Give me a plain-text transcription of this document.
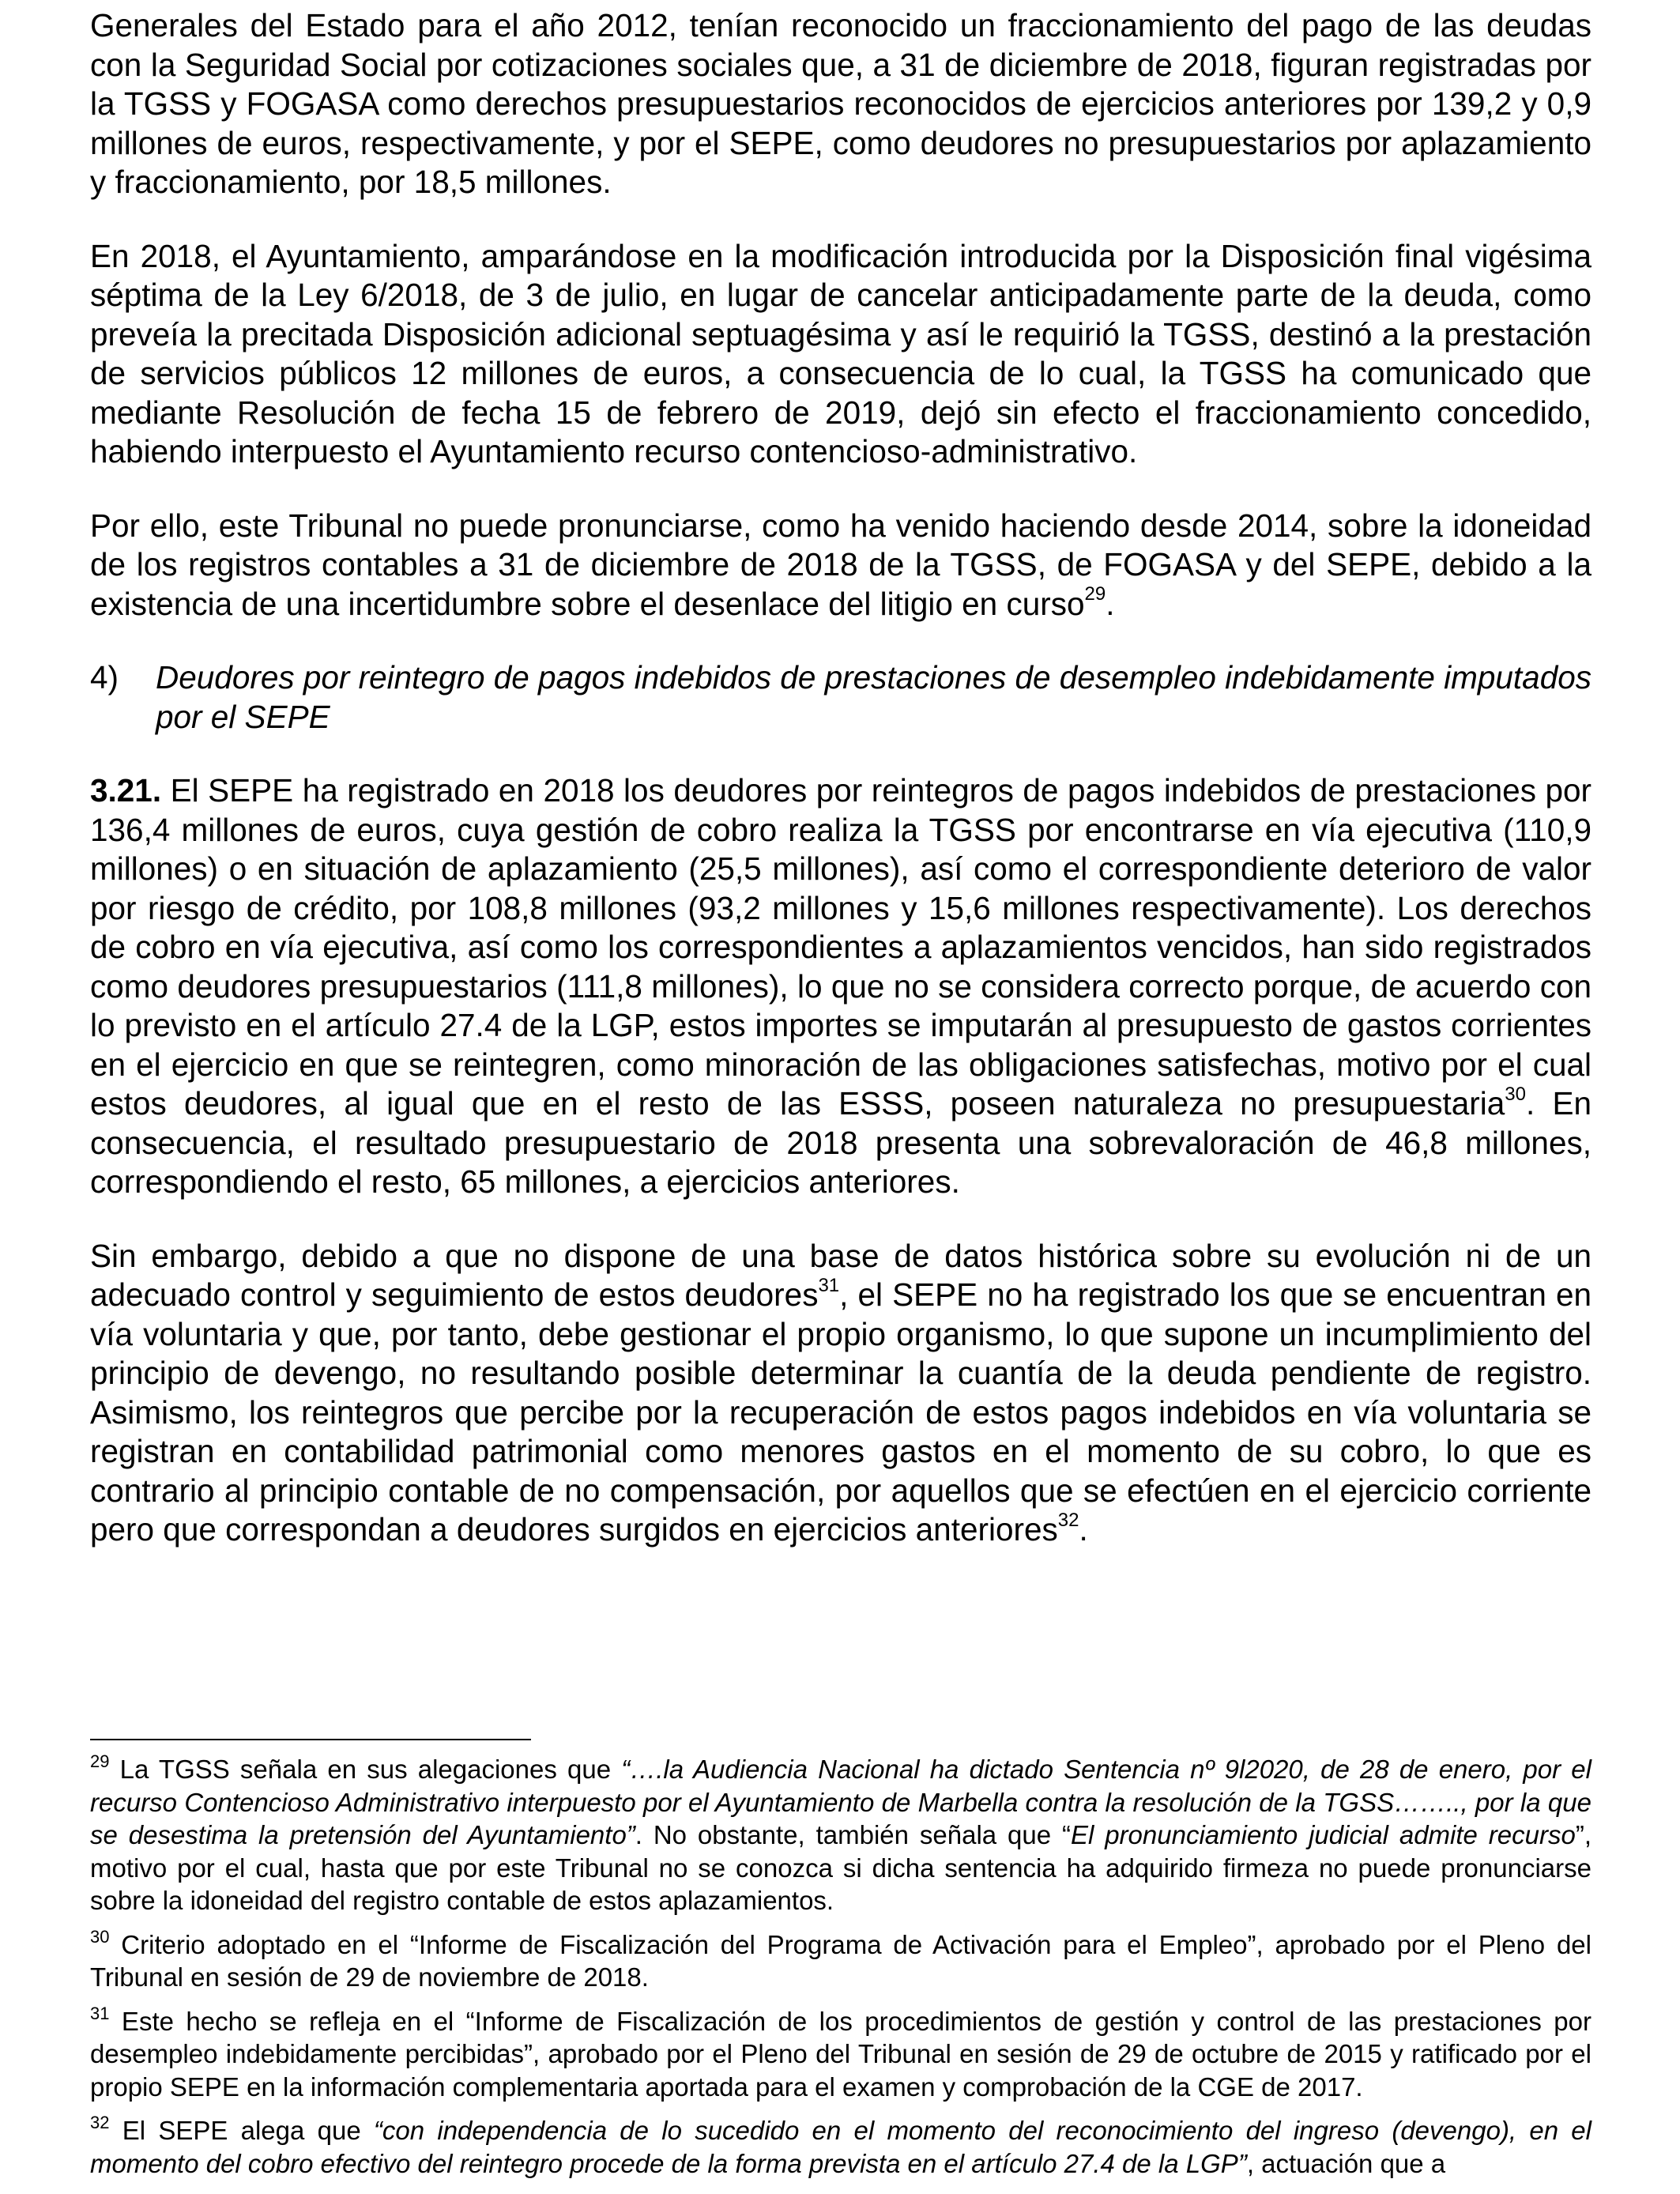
Generales del Estado para el año 2012, tenían reconocido un fraccionamiento del pago de las deudas con la Seguridad Social por cotizaciones sociales que, a 31 de diciembre de 2018, figuran registradas por la TGSS y FOGASA como derechos presupuestarios reconocidos de ejercicios anteriores por 139,2 y 0,9 millones de euros, respectivamente, y por el SEPE, como deudores no presupuestarios por aplazamiento y fraccionamiento, por 18,5 millones.

En 2018, el Ayuntamiento, amparándose en la modificación introducida por la Disposición final vigésima séptima de la Ley 6/2018, de 3 de julio, en lugar de cancelar anticipadamente parte de la deuda, como preveía la precitada Disposición adicional septuagésima y así le requirió la TGSS, destinó a la prestación de servicios públicos 12 millones de euros, a consecuencia de lo cual, la TGSS ha comunicado que mediante Resolución de fecha 15 de febrero de 2019, dejó sin efecto el fraccionamiento concedido, habiendo interpuesto el Ayuntamiento recurso contencioso-administrativo.

Por ello, este Tribunal no puede pronunciarse, como ha venido haciendo desde 2014, sobre la idoneidad de los registros contables a 31 de diciembre de 2018 de la TGSS, de FOGASA y del SEPE, debido a la existencia de una incertidumbre sobre el desenlace del litigio en curso$^{29}$.

4)	Deudores por reintegro de pagos indebidos de prestaciones de desempleo indebidamente imputados por el SEPE

3.21. El SEPE ha registrado en 2018 los deudores por reintegros de pagos indebidos de prestaciones por 136,4 millones de euros, cuya gestión de cobro realiza la TGSS por encontrarse en vía ejecutiva (110,9 millones) o en situación de aplazamiento (25,5 millones), así como el correspondiente deterioro de valor por riesgo de crédito, por 108,8 millones (93,2 millones y 15,6 millones respectivamente). Los derechos de cobro en vía ejecutiva, así como los correspondientes a aplazamientos vencidos, han sido registrados como deudores presupuestarios (111,8 millones), lo que no se considera correcto porque, de acuerdo con lo previsto en el artículo 27.4 de la LGP, estos importes se imputarán al presupuesto de gastos corrientes en el ejercicio en que se reintegren, como minoración de las obligaciones satisfechas, motivo por el cual estos deudores, al igual que en el resto de las ESSS, poseen naturaleza no presupuestaria$^{30}$. En consecuencia, el resultado presupuestario de 2018 presenta una sobrevaloración de 46,8 millones, correspondiendo el resto, 65 millones, a ejercicios anteriores.

Sin embargo, debido a que no dispone de una base de datos histórica sobre su evolución ni de un adecuado control y seguimiento de estos deudores$^{31}$, el SEPE no ha registrado los que se encuentran en vía voluntaria y que, por tanto, debe gestionar el propio organismo, lo que supone un incumplimiento del principio de devengo, no resultando posible determinar la cuantía de la deuda pendiente de registro. Asimismo, los reintegros que percibe por la recuperación de estos pagos indebidos en vía voluntaria se registran en contabilidad patrimonial como menores gastos en el momento de su cobro, lo que es contrario al principio contable de no compensación, por aquellos que se efectúen en el ejercicio corriente pero que correspondan a deudores surgidos en ejercicios anteriores$^{32}$.

$^{29}$ La TGSS señala en sus alegaciones que “….la Audiencia Nacional ha dictado Sentencia nº 9l2020, de 28 de enero, por el recurso Contencioso Administrativo interpuesto por el Ayuntamiento de Marbella contra la resolución de la TGSS…….., por la que se desestima la pretensión del Ayuntamiento”. No obstante, también señala que “El pronunciamiento judicial admite recurso”, motivo por el cual, hasta que por este Tribunal no se conozca si dicha sentencia ha adquirido firmeza no puede pronunciarse sobre la idoneidad del registro contable de estos aplazamientos.

$^{30}$ Criterio adoptado en el “Informe de Fiscalización del Programa de Activación para el Empleo”, aprobado por el Pleno del Tribunal en sesión de 29 de noviembre de 2018.

$^{31}$ Este hecho se refleja en el “Informe de Fiscalización de los procedimientos de gestión y control de las prestaciones por desempleo indebidamente percibidas”, aprobado por el Pleno del Tribunal en sesión de 29 de octubre de 2015 y ratificado por el propio SEPE en la información complementaria aportada para el examen y comprobación de la CGE de 2017.

$^{32}$ El SEPE alega que “con independencia de lo sucedido en el momento del reconocimiento del ingreso (devengo), en el momento del cobro efectivo del reintegro procede de la forma prevista en el artículo 27.4 de la LGP”, actuación que a
